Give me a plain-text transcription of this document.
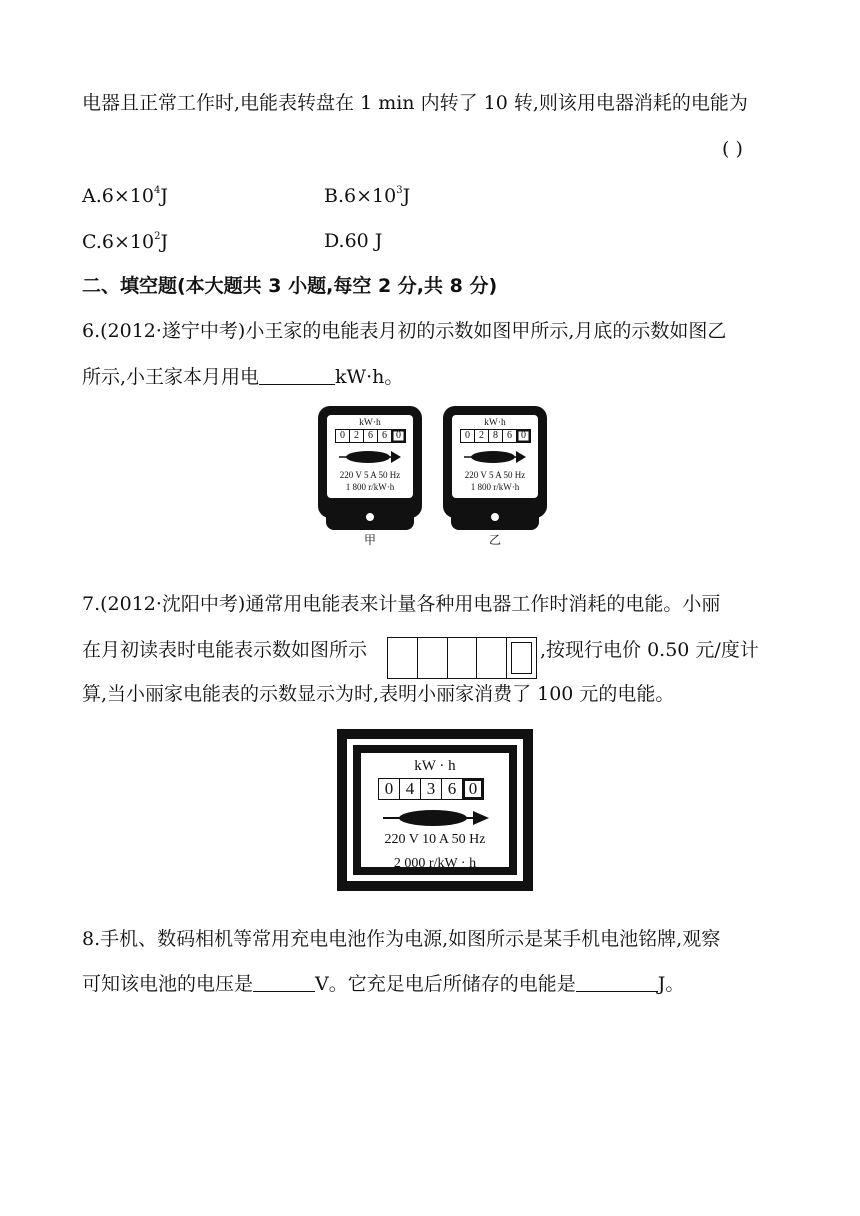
电器且正常工作时,电能表转盘在 1 min 内转了 10 转,则该用电器消耗的电能为
( )
$A.6\times 10^4J$	$B.6\times 10^3J$
$C.6\times 10^2J$	D.60 J
二、填空题(本大题共 3 小题,每空 2 分,共 8 分)
6.(2012·遂宁中考)小王家的电能表月初的示数如图甲所示,月底的示数如图乙
所示,小王家本月用电	kW·h。
kW·h
0 2 6 6 0
220 V 5 A 50 Hz
1 800 r/kW·h
甲
kW·h
0 2 8 6 0
220 V 5 A 50 Hz
1 800 r/kW·h
乙
7.(2012·沈阳中考)通常用电能表来计量各种用电器工作时消耗的电能。小丽
在月初读表时电能表示数如图所示	,按现行电价 0.50 元/度计
算,当小丽家电能表的示数显示为时,表明小丽家消费了 100 元的电能。
kW · h
0 4 3 6 0
220 V 10 A 50 Hz
2 000 r/kW · h
8.手机、数码相机等常用充电电池作为电源,如图所示是某手机电池铭牌,观察
可知该电池的电压是	V。它充足电后所储存的电能是	J。
